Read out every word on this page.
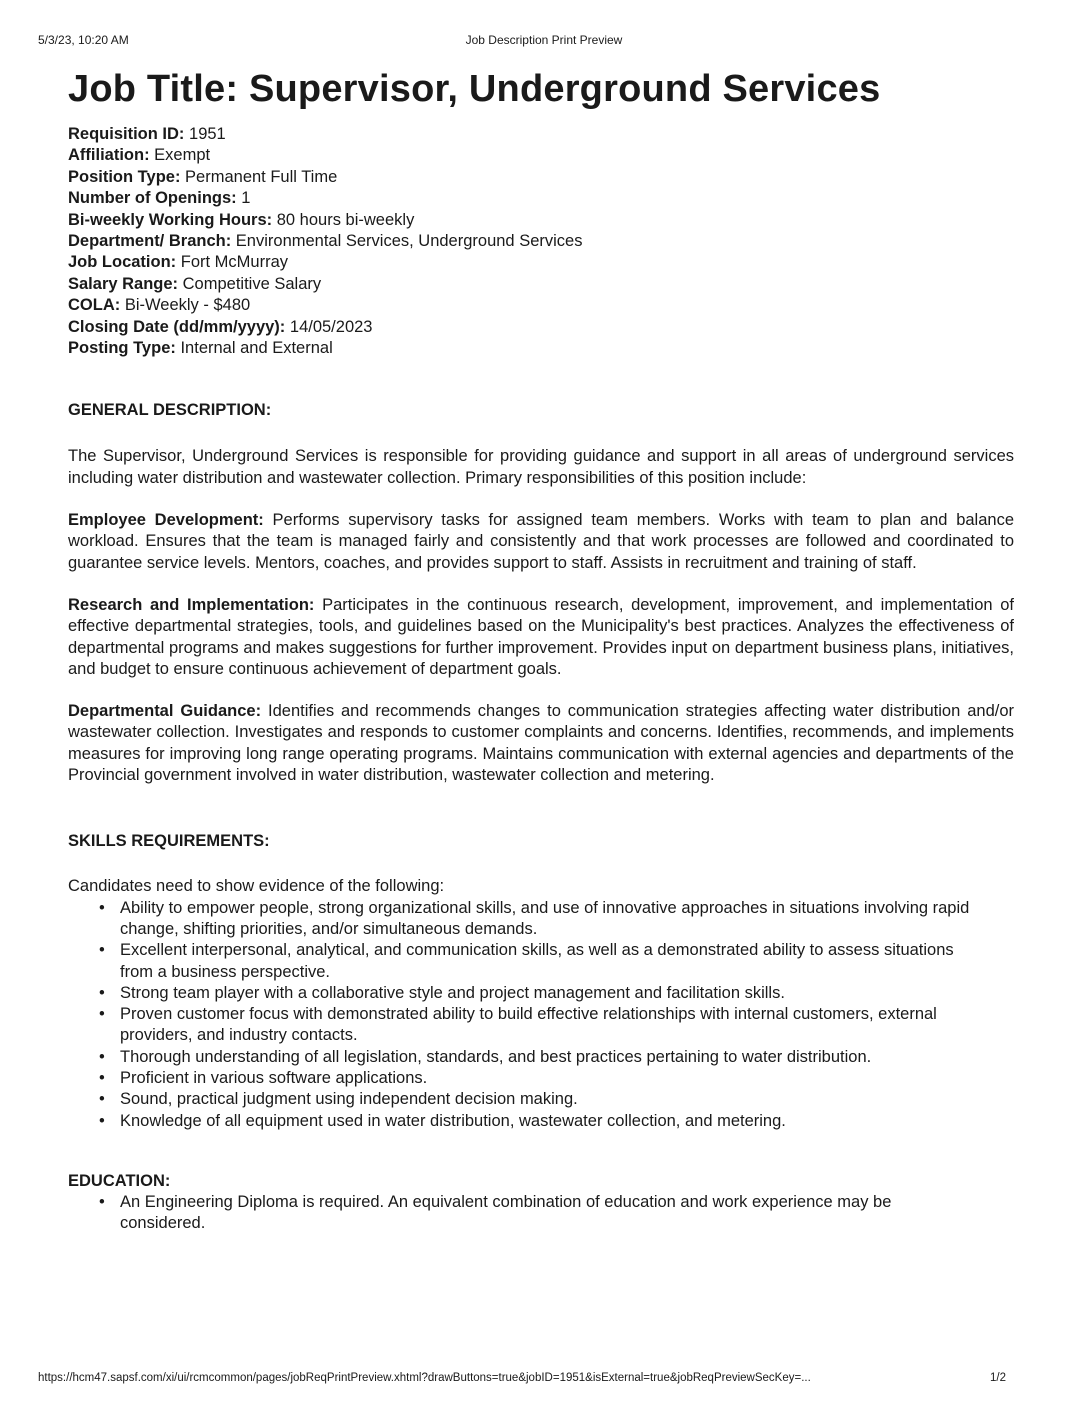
5/3/23, 10:20 AM	Job Description Print Preview
Job Title: Supervisor, Underground Services
Requisition ID: 1951
Affiliation: Exempt
Position Type: Permanent Full Time
Number of Openings: 1
Bi-weekly Working Hours: 80 hours bi-weekly
Department/ Branch: Environmental Services, Underground Services
Job Location: Fort McMurray
Salary Range: Competitive Salary
COLA: Bi-Weekly - $480
Closing Date (dd/mm/yyyy): 14/05/2023
Posting Type: Internal and External
GENERAL DESCRIPTION:

The Supervisor, Underground Services is responsible for providing guidance and support in all areas of underground services including water distribution and wastewater collection. Primary responsibilities of this position include:

Employee Development: Performs supervisory tasks for assigned team members. Works with team to plan and balance workload. Ensures that the team is managed fairly and consistently and that work processes are followed and coordinated to guarantee service levels. Mentors, coaches, and provides support to staff. Assists in recruitment and training of staff.

Research and Implementation: Participates in the continuous research, development, improvement, and implementation of effective departmental strategies, tools, and guidelines based on the Municipality's best practices. Analyzes the effectiveness of departmental programs and makes suggestions for further improvement. Provides input on department business plans, initiatives, and budget to ensure continuous achievement of department goals.

Departmental Guidance: Identifies and recommends changes to communication strategies affecting water distribution and/or wastewater collection. Investigates and responds to customer complaints and concerns. Identifies, recommends, and implements measures for improving long range operating programs. Maintains communication with external agencies and departments of the Provincial government involved in water distribution, wastewater collection and metering.

SKILLS REQUIREMENTS:

Candidates need to show evidence of the following:

• Ability to empower people, strong organizational skills, and use of innovative approaches in situations involving rapid change, shifting priorities, and/or simultaneous demands.
• Excellent interpersonal, analytical, and communication skills, as well as a demonstrated ability to assess situations from a business perspective.
• Strong team player with a collaborative style and project management and facilitation skills.
• Proven customer focus with demonstrated ability to build effective relationships with internal customers, external providers, and industry contacts.
• Thorough understanding of all legislation, standards, and best practices pertaining to water distribution.
• Proficient in various software applications.
• Sound, practical judgment using independent decision making.
• Knowledge of all equipment used in water distribution, wastewater collection, and metering.
EDUCATION:
• An Engineering Diploma is required. An equivalent combination of education and work experience may be considered.
https://hcm47.sapsf.com/xi/ui/rcmcommon/pages/jobReqPrintPreview.xhtml?drawButtons=true&jobID=1951&isExternal=true&jobReqPreviewSecKey=...	1/2
